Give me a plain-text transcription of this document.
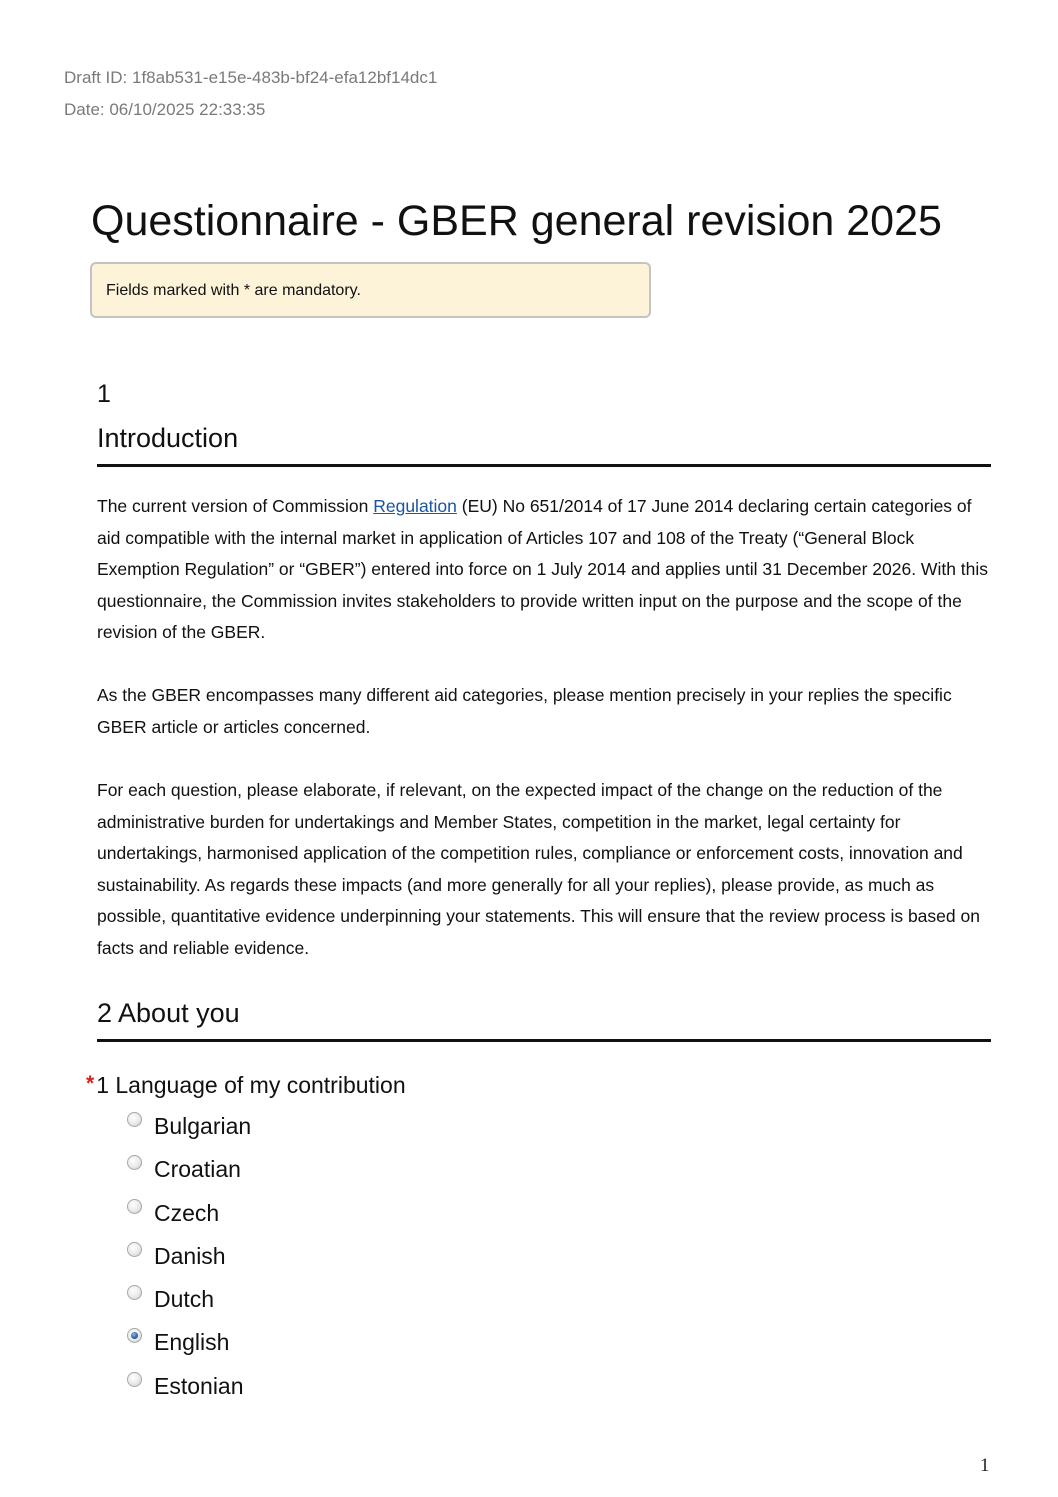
Draft ID: 1f8ab531-e15e-483b-bf24-efa12bf14dc1
Date: 06/10/2025 22:33:35
Questionnaire - GBER general revision 2025
Fields marked with * are mandatory.
1
Introduction

The current version of Commission Regulation (EU) No 651/2014 of 17 June 2014 declaring certain categories of aid compatible with the internal market in application of Articles 107 and 108 of the Treaty (“General Block Exemption Regulation” or “GBER”) entered into force on 1 July 2014 and applies until 31 December 2026. With this questionnaire, the Commission invites stakeholders to provide written input on the purpose and the scope of the revision of the GBER.

As the GBER encompasses many different aid categories, please mention precisely in your replies the specific GBER article or articles concerned.

For each question, please elaborate, if relevant, on the expected impact of the change on the reduction of the administrative burden for undertakings and Member States, competition in the market, legal certainty for undertakings, harmonised application of the competition rules, compliance or enforcement costs, innovation and sustainability. As regards these impacts (and more generally for all your replies), please provide, as much as possible, quantitative evidence underpinning your statements. This will ensure that the review process is based on facts and reliable evidence.

2 About you
*1 Language of my contribution
Bulgarian
Croatian
Czech
Danish
Dutch
English
Estonian
1
